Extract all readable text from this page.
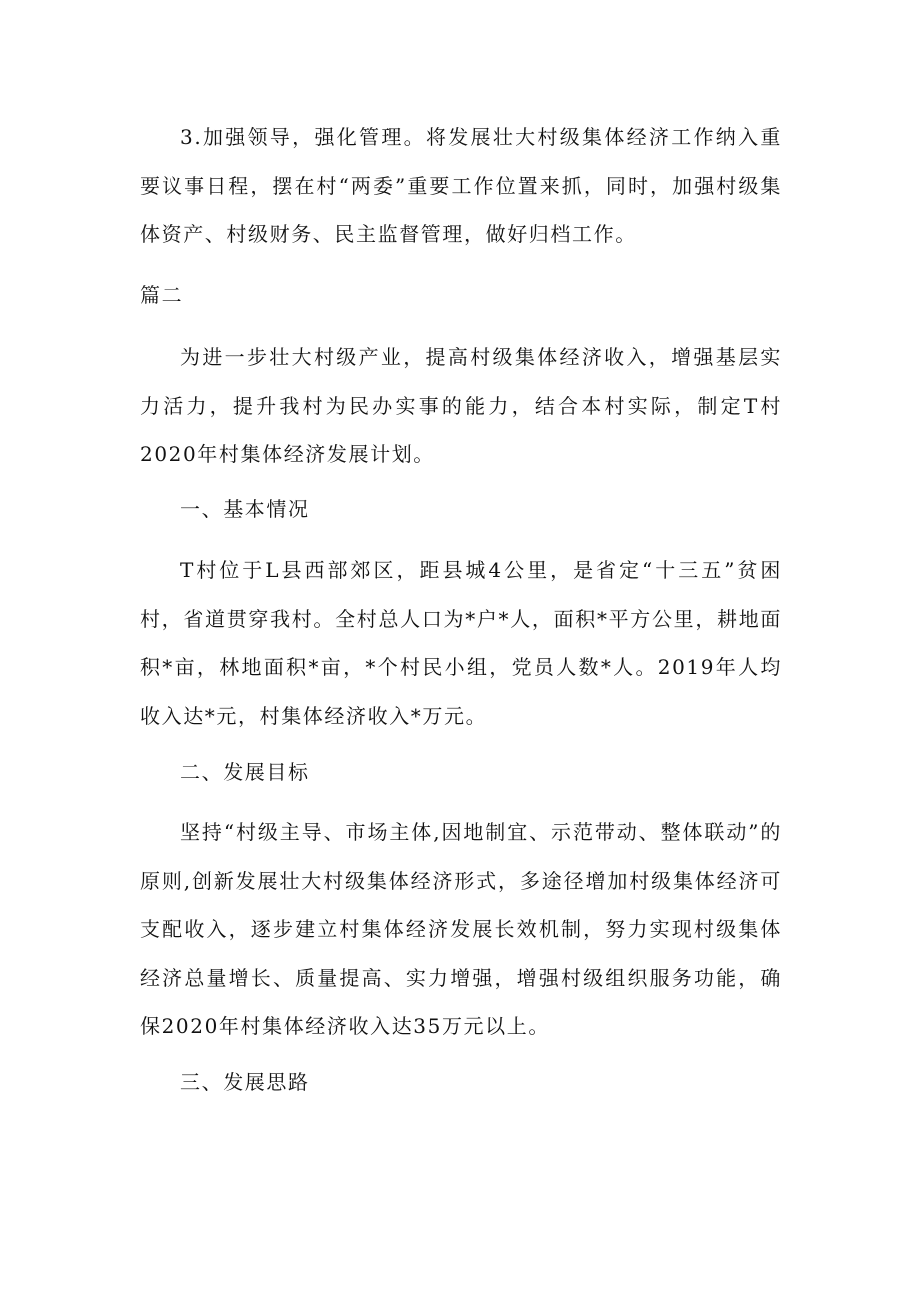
3.加强领导，强化管理。将发展壮大村级集体经济工作纳入重要议事日程，摆在村“两委”重要工作位置来抓，同时，加强村级集体资产、村级财务、民主监督管理，做好归档工作。

篇二

为进一步壮大村级产业，提高村级集体经济收入，增强基层实力活力，提升我村为民办实事的能力，结合本村实际，制定T村2020年村集体经济发展计划。

一、基本情况

T村位于L县西部郊区，距县城4公里，是省定“十三五”贫困村，省道贯穿我村。全村总人口为*户*人，面积*平方公里，耕地面积*亩，林地面积*亩，*个村民小组，党员人数*人。2019年人均收入达*元，村集体经济收入*万元。

二、发展目标

坚持“村级主导、市场主体,因地制宜、示范带动、整体联动”的原则,创新发展壮大村级集体经济形式，多途径增加村级集体经济可支配收入，逐步建立村集体经济发展长效机制，努力实现村级集体经济总量增长、质量提高、实力增强，增强村级组织服务功能，确保2020年村集体经济收入达35万元以上。

三、发展思路
